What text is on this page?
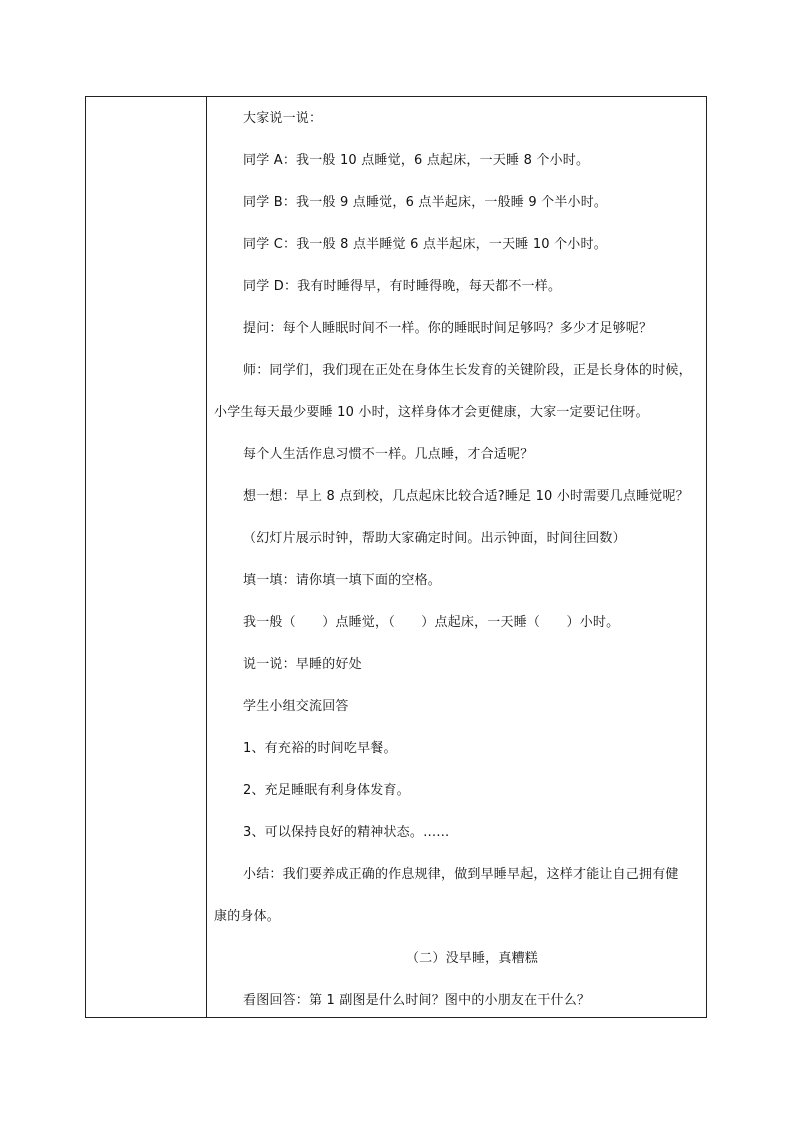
大家说一说：
同学 A：我一般 10 点睡觉，6 点起床，一天睡 8 个小时。
同学 B：我一般 9 点睡觉，6 点半起床，一般睡 9 个半小时。
同学 C：我一般 8 点半睡觉 6 点半起床，一天睡 10 个小时。
同学 D：我有时睡得早，有时睡得晚，每天都不一样。
提问：每个人睡眠时间不一样。你的睡眠时间足够吗？多少才足够呢？
师：同学们，我们现在正处在身体生长发育的关键阶段，正是长身体的时候，
小学生每天最少要睡 10 小时，这样身体才会更健康，大家一定要记住呀。
每个人生活作息习惯不一样。几点睡，才合适呢？
想一想：早上 8 点到校，几点起床比较合适?睡足 10 小时需要几点睡觉呢？
（幻灯片展示时钟，帮助大家确定时间。出示钟面，时间往回数）
填一填：请你填一填下面的空格。
我一般（　　）点睡觉，（　　）点起床，一天睡（　　）小时。
说一说：早睡的好处
学生小组交流回答
1、有充裕的时间吃早餐。
2、充足睡眠有利身体发育。
3、可以保持良好的精神状态。……
小结：我们要养成正确的作息规律，做到早睡早起，这样才能让自己拥有健
康的身体。
（二）没早睡，真糟糕
看图回答：第 1 副图是什么时间？图中的小朋友在干什么？
